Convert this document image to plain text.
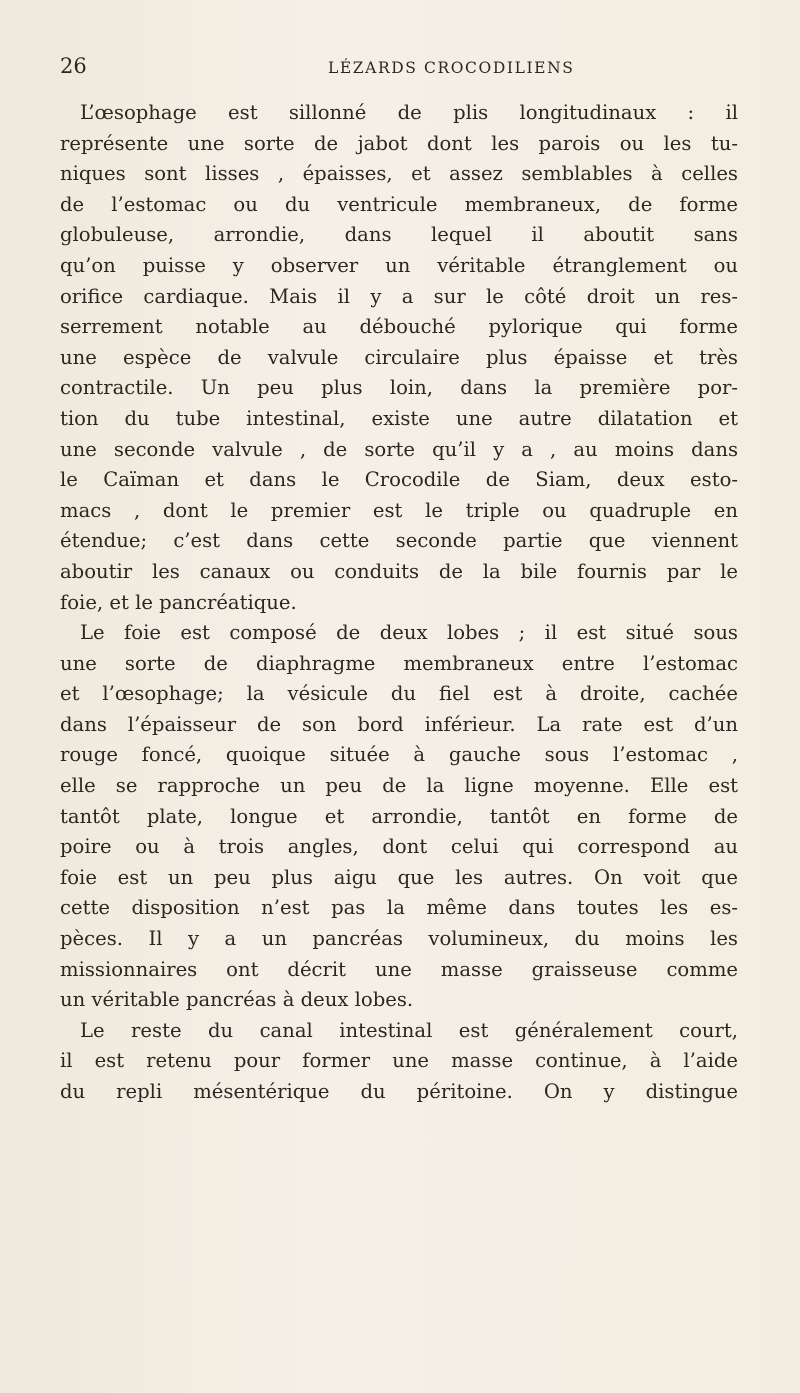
26	LÉZARDS CROCODILIENS
L’œsophage est sillonné de plis longitudinaux : il
représente une sorte de jabot dont les parois ou les tu-
niques sont lisses , épaisses, et assez semblables à celles
de l’estomac ou du ventricule membraneux, de forme
globuleuse, arrondie, dans lequel il aboutit sans
qu’on puisse y observer un véritable étranglement ou
orifice cardiaque. Mais il y a sur le côté droit un res-
serrement notable au débouché pylorique qui forme
une espèce de valvule circulaire plus épaisse et très
contractile. Un peu plus loin, dans la première por-
tion du tube intestinal, existe une autre dilatation et
une seconde valvule , de sorte qu’il y a , au moins dans
le Caïman et dans le Crocodile de Siam, deux esto-
macs , dont le premier est le triple ou quadruple en
étendue; c’est dans cette seconde partie que viennent
aboutir les canaux ou conduits de la bile fournis par le
foie, et le pancréatique.
Le foie est composé de deux lobes ; il est situé sous
une sorte de diaphragme membraneux entre l’estomac
et l’œsophage; la vésicule du fiel est à droite, cachée
dans l’épaisseur de son bord inférieur. La rate est d’un
rouge foncé, quoique située à gauche sous l’estomac ,
elle se rapproche un peu de la ligne moyenne. Elle est
tantôt plate, longue et arrondie, tantôt en forme de
poire ou à trois angles, dont celui qui correspond au
foie est un peu plus aigu que les autres. On voit que
cette disposition n’est pas la même dans toutes les es-
pèces. Il y a un pancréas volumineux, du moins les
missionnaires ont décrit une masse graisseuse comme
un véritable pancréas à deux lobes.
Le reste du canal intestinal est généralement court,
il est retenu pour former une masse continue, à l’aide
du repli mésentérique du péritoine. On y distingue
